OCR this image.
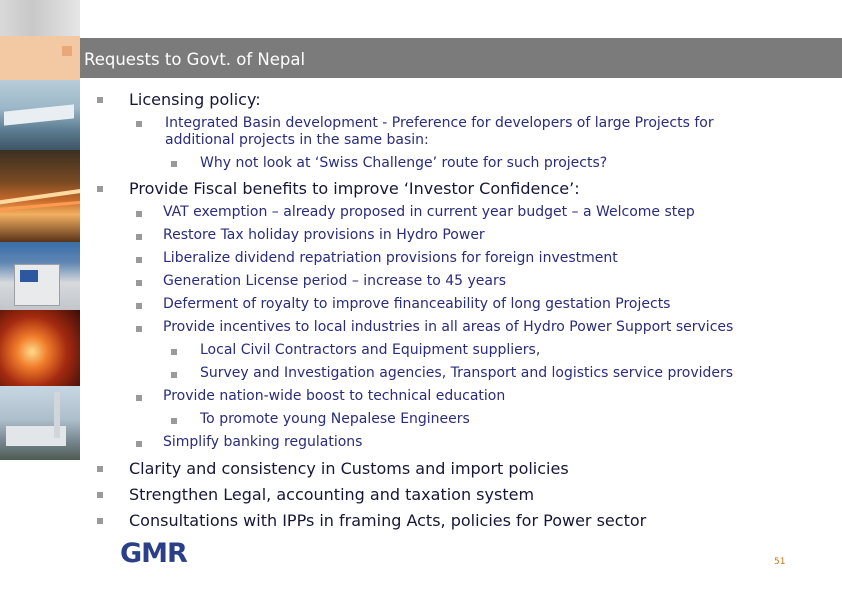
Requests to Govt. of Nepal
Licensing policy:
Integrated Basin development - Preference for developers of large Projects for
additional projects in the same basin:
Why not look at ‘Swiss Challenge’ route for such projects?
Provide Fiscal benefits to improve ‘Investor Confidence’:
VAT exemption – already proposed in current year budget – a Welcome step
Restore Tax holiday provisions in Hydro Power
Liberalize dividend repatriation provisions for foreign investment
Generation License period – increase to 45 years
Deferment of royalty to improve financeability of long gestation Projects
Provide incentives to local industries in all areas of Hydro Power Support services
Local Civil Contractors and Equipment suppliers,
Survey and Investigation agencies, Transport and logistics service providers
Provide nation-wide boost to technical education
To promote young Nepalese Engineers
Simplify banking regulations
Clarity and consistency in Customs and import policies
Strengthen Legal, accounting and taxation system
Consultations with IPPs in framing Acts, policies for Power sector
GMR	51
